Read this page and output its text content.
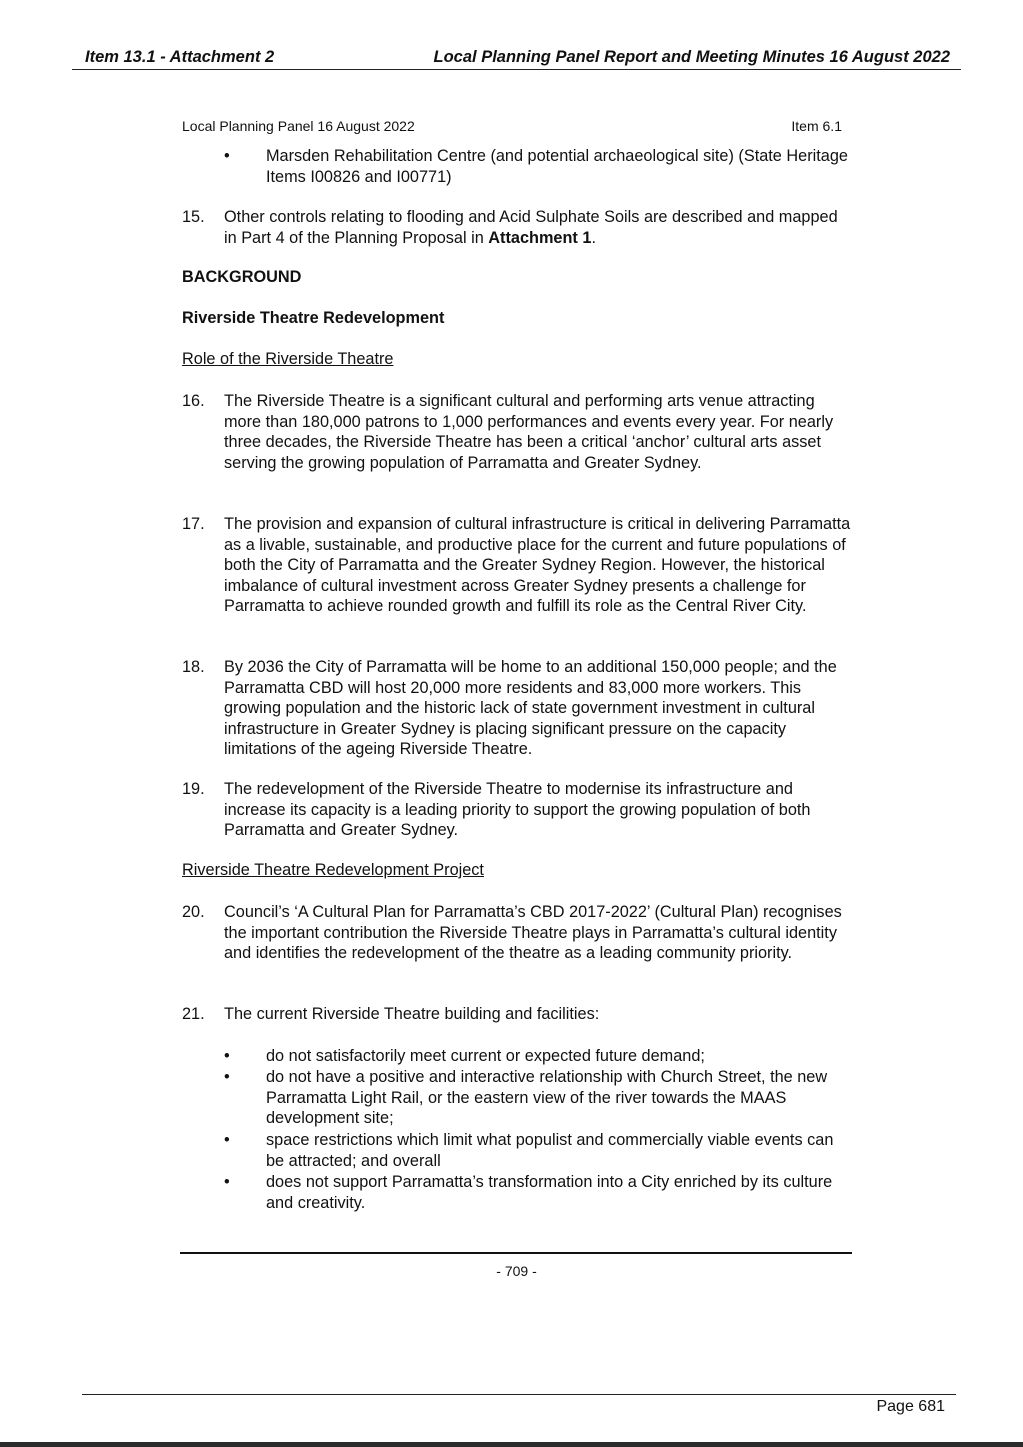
Item 13.1 - Attachment 2	Local Planning Panel Report and Meeting Minutes 16 August 2022
Local Planning Panel 16 August 2022	Item 6.1
• Marsden Rehabilitation Centre (and potential archaeological site) (State Heritage Items I00826 and I00771)
15. Other controls relating to flooding and Acid Sulphate Soils are described and mapped in Part 4 of the Planning Proposal in Attachment 1.
BACKGROUND
Riverside Theatre Redevelopment
Role of the Riverside Theatre
16. The Riverside Theatre is a significant cultural and performing arts venue attracting more than 180,000 patrons to 1,000 performances and events every year. For nearly three decades, the Riverside Theatre has been a critical ‘anchor’ cultural arts asset serving the growing population of Parramatta and Greater Sydney.
17. The provision and expansion of cultural infrastructure is critical in delivering Parramatta as a livable, sustainable, and productive place for the current and future populations of both the City of Parramatta and the Greater Sydney Region. However, the historical imbalance of cultural investment across Greater Sydney presents a challenge for Parramatta to achieve rounded growth and fulfill its role as the Central River City.
18. By 2036 the City of Parramatta will be home to an additional 150,000 people; and the Parramatta CBD will host 20,000 more residents and 83,000 more workers. This growing population and the historic lack of state government investment in cultural infrastructure in Greater Sydney is placing significant pressure on the capacity limitations of the ageing Riverside Theatre.
19. The redevelopment of the Riverside Theatre to modernise its infrastructure and increase its capacity is a leading priority to support the growing population of both Parramatta and Greater Sydney.
Riverside Theatre Redevelopment Project
20. Council’s ‘A Cultural Plan for Parramatta’s CBD 2017-2022’ (Cultural Plan) recognises the important contribution the Riverside Theatre plays in Parramatta’s cultural identity and identifies the redevelopment of the theatre as a leading community priority.
21. The current Riverside Theatre building and facilities:
• do not satisfactorily meet current or expected future demand;
• do not have a positive and interactive relationship with Church Street, the new Parramatta Light Rail, or the eastern view of the river towards the MAAS development site;
• space restrictions which limit what populist and commercially viable events can be attracted; and overall
• does not support Parramatta’s transformation into a City enriched by its culture and creativity.
- 709 -
Page 681
